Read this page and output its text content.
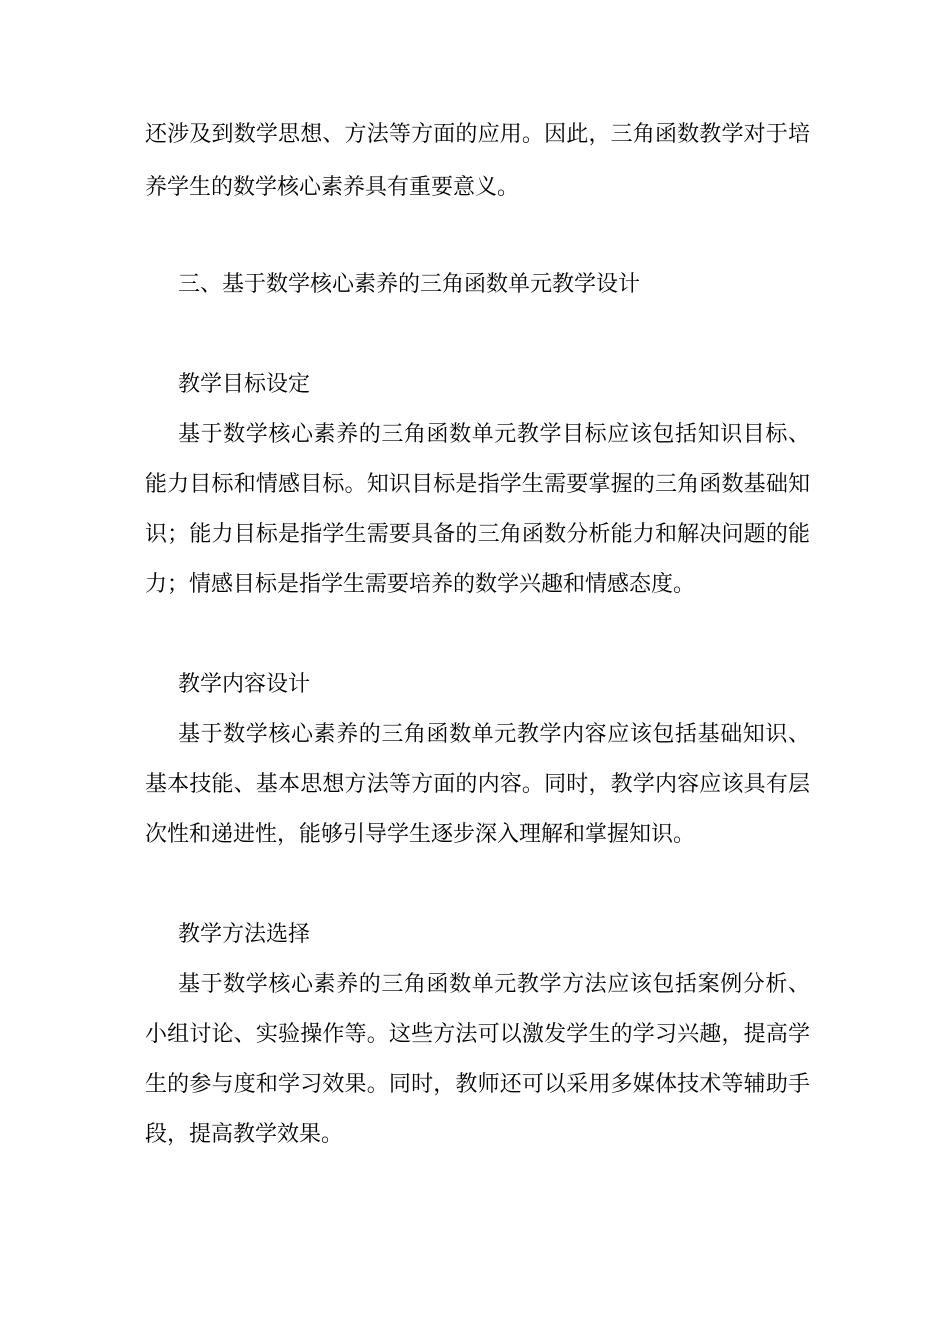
还涉及到数学思想、方法等方面的应用。因此，三角函数教学对于培
养学生的数学核心素养具有重要意义。
三、基于数学核心素养的三角函数单元教学设计
教学目标设定
基于数学核心素养的三角函数单元教学目标应该包括知识目标、
能力目标和情感目标。知识目标是指学生需要掌握的三角函数基础知
识；能力目标是指学生需要具备的三角函数分析能力和解决问题的能
力；情感目标是指学生需要培养的数学兴趣和情感态度。
教学内容设计
基于数学核心素养的三角函数单元教学内容应该包括基础知识、
基本技能、基本思想方法等方面的内容。同时，教学内容应该具有层
次性和递进性，能够引导学生逐步深入理解和掌握知识。
教学方法选择
基于数学核心素养的三角函数单元教学方法应该包括案例分析、
小组讨论、实验操作等。这些方法可以激发学生的学习兴趣，提高学
生的参与度和学习效果。同时，教师还可以采用多媒体技术等辅助手
段，提高教学效果。
